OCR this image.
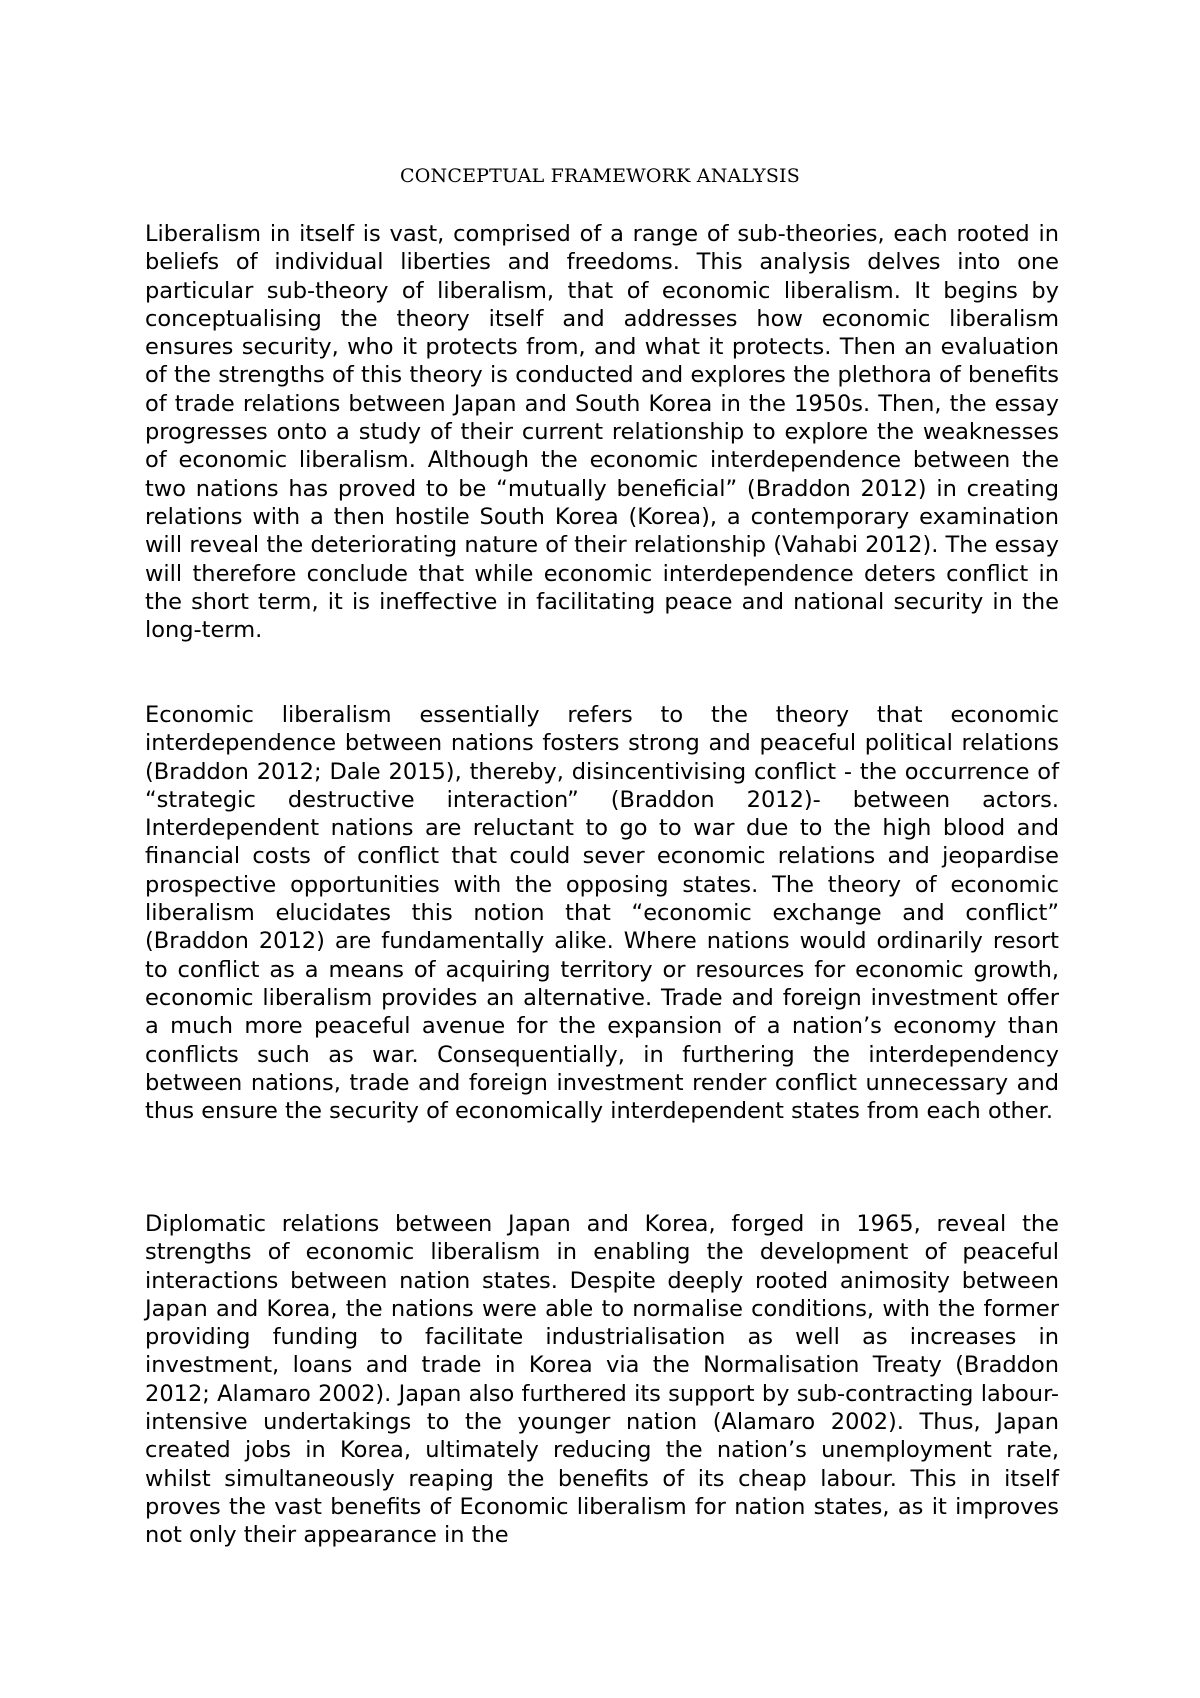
CONCEPTUAL FRAMEWORK ANALYSIS

Liberalism in itself is vast, comprised of a range of sub-theories, each rooted in beliefs of individual liberties and freedoms. This analysis delves into one particular sub-theory of liberalism, that of economic liberalism. It begins by conceptualising the theory itself and addresses how economic liberalism ensures security, who it protects from, and what it protects. Then an evaluation of the strengths of this theory is conducted and explores the plethora of benefits of trade relations between Japan and South Korea in the 1950s. Then, the essay progresses onto a study of their current relationship to explore the weaknesses of economic liberalism. Although the economic interdependence between the two nations has proved to be “mutually beneficial” (Braddon 2012) in creating relations with a then hostile South Korea (Korea), a contemporary examination will reveal the deteriorating nature of their relationship (Vahabi 2012). The essay will therefore conclude that while economic interdependence deters conflict in the short term, it is ineffective in facilitating peace and national security in the long-term.

Economic liberalism essentially refers to the theory that economic interdependence between nations fosters strong and peaceful political relations (Braddon 2012; Dale 2015), thereby, disincentivising conflict - the occurrence of “strategic destructive interaction” (Braddon 2012)- between actors. Interdependent nations are reluctant to go to war due to the high blood and financial costs of conflict that could sever economic relations and jeopardise prospective opportunities with the opposing states. The theory of economic liberalism elucidates this notion that “economic exchange and conflict” (Braddon 2012) are fundamentally alike. Where nations would ordinarily resort to conflict as a means of acquiring territory or resources for economic growth, economic liberalism provides an alternative. Trade and foreign investment offer a much more peaceful avenue for the expansion of a nation’s economy than conflicts such as war. Consequentially, in furthering the interdependency between nations, trade and foreign investment render conflict unnecessary and thus ensure the security of economically interdependent states from each other.

Diplomatic relations between Japan and Korea, forged in 1965, reveal the strengths of economic liberalism in enabling the development of peaceful interactions between nation states. Despite deeply rooted animosity between Japan and Korea, the nations were able to normalise conditions, with the former providing funding to facilitate industrialisation as well as increases in investment, loans and trade in Korea via the Normalisation Treaty (Braddon 2012; Alamaro 2002). Japan also furthered its support by sub-contracting labour-intensive undertakings to the younger nation (Alamaro 2002). Thus, Japan created jobs in Korea, ultimately reducing the nation’s unemployment rate, whilst simultaneously reaping the benefits of its cheap labour. This in itself proves the vast benefits of Economic liberalism for nation states, as it improves not only their appearance in the
